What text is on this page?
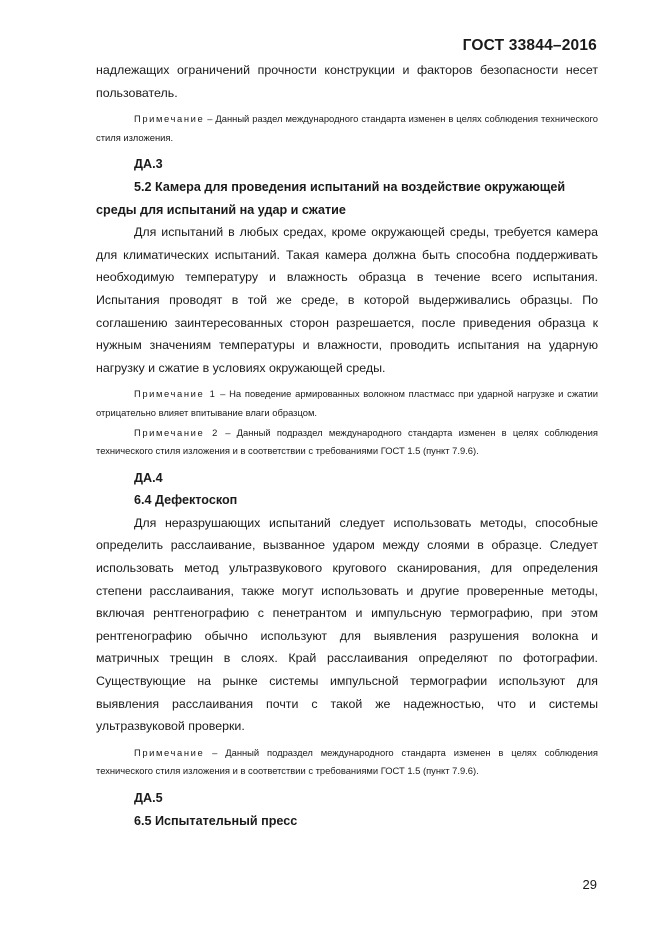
ГОСТ 33844–2016

надлежащих ограничений прочности конструкции и факторов безопасности несет пользователь.

Примечание – Данный раздел международного стандарта изменен в целях соблюдения технического стиля изложения.

ДА.3

5.2 Камера для проведения испытаний на воздействие окружающей среды для испытаний на удар и сжатие

Для испытаний в любых средах, кроме окружающей среды, требуется камера для климатических испытаний. Такая камера должна быть способна поддерживать необходимую температуру и влажность образца в течение всего испытания. Испытания проводят в той же среде, в которой выдерживались образцы. По соглашению заинтересованных сторон разрешается, после приведения образца к нужным значениям температуры и влажности, проводить испытания на ударную нагрузку и сжатие в условиях окружающей среды.

Примечание 1 – На поведение армированных волокном пластмасс при ударной нагрузке и сжатии отрицательно влияет впитывание влаги образцом.

Примечание 2 – Данный подраздел международного стандарта изменен в целях соблюдения технического стиля изложения и в соответствии с требованиями ГОСТ 1.5 (пункт 7.9.6).

ДА.4

6.4 Дефектоскоп

Для неразрушающих испытаний следует использовать методы, способные определить расслаивание, вызванное ударом между слоями в образце. Следует использовать метод ультразвукового кругового сканирования, для определения степени расслаивания, также могут использовать и другие проверенные методы, включая рентгенографию с пенетрантом и импульсную термографию, при этом рентгенографию обычно используют для выявления разрушения волокна и матричных трещин в слоях. Край расслаивания определяют по фотографии. Существующие на рынке системы импульсной термографии используют для выявления расслаивания почти с такой же надежностью, что и системы ультразвуковой проверки.

Примечание – Данный подраздел международного стандарта изменен в целях соблюдения технического стиля изложения и в соответствии с требованиями ГОСТ 1.5 (пункт 7.9.6).

ДА.5

6.5 Испытательный пресс

29
